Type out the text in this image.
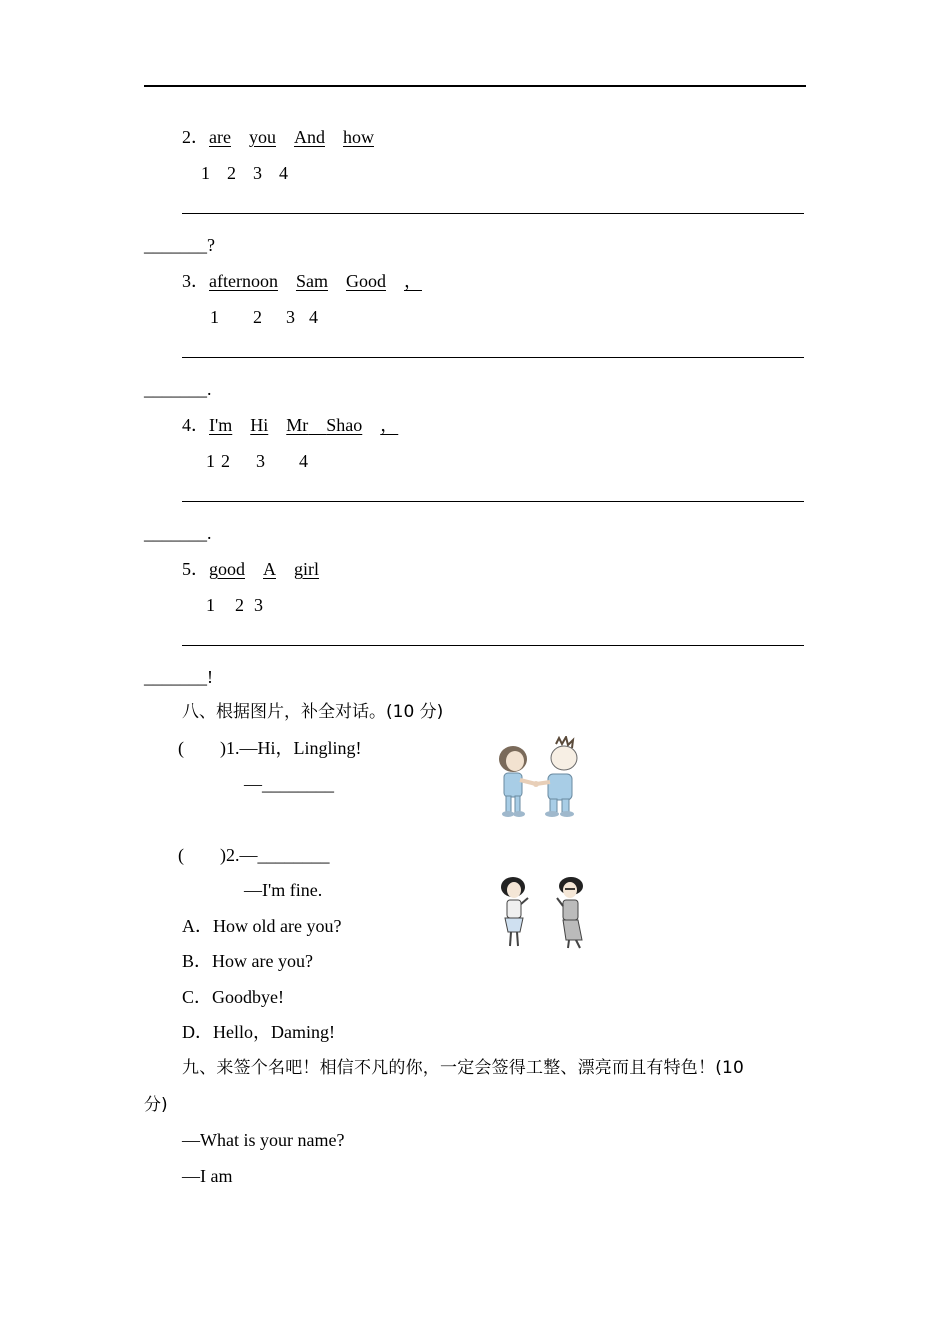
2．are you And how
1 2 3 4
_______?
3．afternoon Sam Good ，
1 2 3 4
_______.
4．I'm Hi Mr　 Shao ，
1 2 3 4
_______.
5．good A girl
1 2 3
_______!
八、根据图片，补全对话。(10 分)
(　　)1.—Hi，Lingling!
—________
(　　)2.—________
—I'm fine.
A．How old are you?
B．How are you?
C．Goodbye!
D．Hello，Daming!
九、来签个名吧！相信不凡的你，一定会签得工整、漂亮而且有特色！(10
分)
—What is your name?
—I am
